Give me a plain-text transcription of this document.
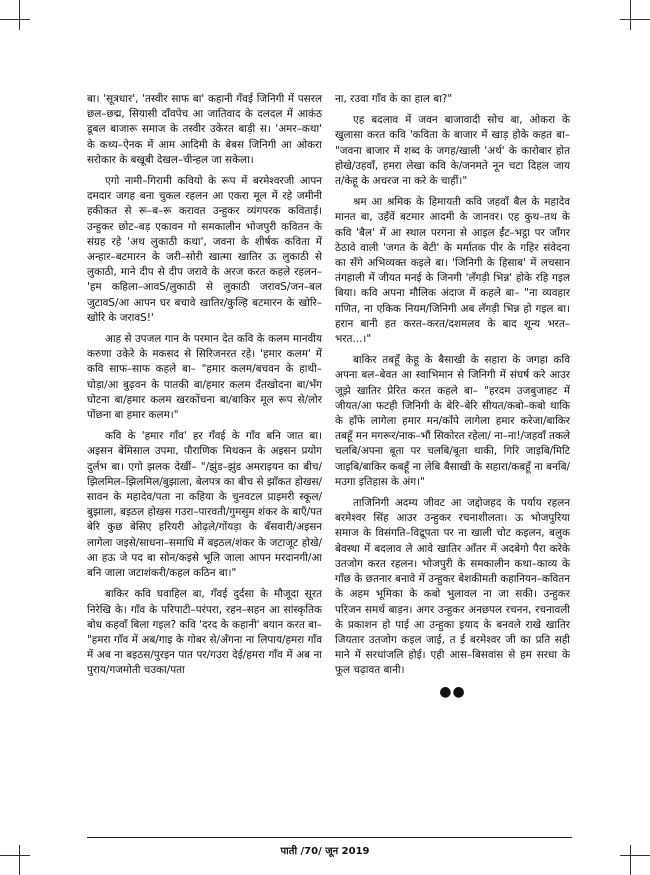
बा। 'सूत्रधार', 'तस्वीर साफ बा' कहानी गँवई जिनिगी में पसरल छल–छद्म, सियासी दाँवपेच आ जातिवाद के दलदल में आकंठ डूबल बाजारू समाज के तस्वीर उकेरत बाड़ी स। 'अमर–कथा' के कथ्य–ऐनक में आम आदिमी के बेबस जिनिगी आ ओकरा सरोकार के बखूबी देखल–चीन्हल जा सकेला।

एगो नामी–गिरामी कवियो के रूप में बरमेश्वरजी आपन दमदार जगह बना चुकल रहलन आ एकरा मूल में रहे जमीनी हकीकत से रू–ब–रू करावत उन्हुकर व्यंगपरक कविताई। उन्हुकर छोट–बड़ एकावन गो समकालीन भोजपुरी कवितन के संग्रह रहे 'अथ लुकाठी कथा', जवना के शीर्षक कविता में अन्हार–बटमारन के जरी–सोरी खात्मा खातिर ऊ लुकाठी से लुकाठी, माने दीप से दीप जरावे के अरज करत कहले रहलन– 'हम कहिला–आवS/लुकाठी से लुकाठी जरावS/जन–बल जुटावS/आ आपन घर बचावे खातिर/कुल्हि बटमारन के खोरि–खोरि के जरावS!'

आह से उपजल गान के परमान देत कवि के कलम मानवीय करुणा उकेरे के मकसद से सिरिजनरत रहे। 'हमार कलम' में कवि साफ–साफ कहले बा– "हमार कलम/बचवन के हाथी–घोड़ा/आ बुढ़वन के पातकी बा/हमार कलम दँतखोदना बा/भँग घोटना बा/हमार कलम खरकोंचना बा/बाकिर मूल रूप से/लोर पोंछना बा हमार कलम।"

कवि के 'हमार गाँव' हर गँवई के गाँव बनि जात बा। अइसन बेमिसाल उपमा, पौराणिक मिथकन के अइसन प्रयोग दुर्लभ बा। एगो झलक देखीं– "/झुंड–झुंड अमराइयन का बीच/झिलमिल–झिलमिल/बुझाला, बेलपत्र का बीच से झाँकत होखस/सावन के महादेव/पता ना कहिया के चुनवटल प्राइमरी स्कूल/बुझाला, बइठल होखस गउरा–पारवती/गुमसुम शंकर के बाएँ/पत बेरि कुछ बेसिए हरियरी ओढ़ले/गोंयड़ा के बँसवारी/अइसन लागेला जइसे/साधना–समाधि में बइठल/शंकर के जटाजूट होखे/आ हऊ जे पद बा सोन/कइसे भूलि जाला आपन मरदानगी/आ बनि जाला जटाशंकरी/कहल कठिन बा।"

बाकिर कवि घवाहिल बा, गँवई दुर्दसा के मौजूदा सूरत निरेखि के। गाँव के परिपाटी–परंपरा, रहन–सहन आ सांस्कृतिक बोध कहवाँ बिला गइल? कवि 'दरद के कहानी' बयान करत बा– "हमरा गाँव में अब/गाइ के गोबर से/अँगना ना लिपाय/हमरा गाँव में अब ना बइठस/पुरइन पात पर/गउरा देई/हमरा गाँव में अब ना पुराय/गजमोती चउका/पता

ना, रउवा गाँव के का हाल बा?"

एह बदलाव में जवन बाजावादी सोच बा, ओकरा के खुलासा करत कवि 'कविता के बाजार में खाड़ होके कहत बा– "जवना बाजार में शब्द के जगह/खाली 'अर्थ' के कारोबार होत होखे/उहवाँ, हमरा लेखा कवि के/जनमते नून चटा दिहल जाय त/केहू के अचरज ना करे के चाहीं।"

श्रम आ श्रमिक के हिमायती कवि जहवाँ बैल के महादेव मानत बा, उहँवें बटमार आदमी के जानवर। एह कुथ–तथ के कवि 'बैल' में आ स्थाल परगना से आइल ईंट–भट्ठा पर जाँगर ठेठावे वाली 'जगत के बेटी' के मर्मातक पीर के गहिर संवेदना का सँगे अभिव्यक्त कइले बा। 'जिनिगी के हिसाब' में लचसान तंगहाली में जीयत मनई के जिनगी 'लँगड़ी भिन्न' होके रहि गइल बिया। कवि अपना मौलिक अंदाज में कहले बा– "ना व्यवहार गणित, ना एकिक नियम/जिनिगी अब लँगड़ी भिन्न हो गइल बा। हरान बानी हत करत–करत/दशमलव के बाद शून्य भरत–भरत...।"

बाकिर तबहूँ केहू के बैसाखी के सहारा के जगहा कवि अपना बल–बेवत आ स्वाभिमान से जिनिगी में संघर्ष करे आउर जूझे खातिर प्रेरित करत कहले बा– "हरदम उजबुजाहट में जीयत/आ फटही जिनिगी के बेरि–बेरि सीयत/कबो–कबो थाकि के हाँफे लागेला हमार मन/काँपे लागेला हमार करेजा/बाकिर तबहूँ मन मगरूर/नाक–भौं सिकोरत रहेला/ ना–ना!/जहवाँ तकले चलबि/अपना बूता पर चलबि/बूता थाकी, गिरि जाइबि/मिटि जाइबि/बाकिर कबहूँ ना लेबि बैसाखी के सहारा/कबहूँ ना बनबि/मउगा इतिहास के अंग।"

ताजिनिगी अदम्य जीवट आ जद्दोजहद के पर्याय रहलन बरमेश्वर सिंह आउर उन्हुकर रचनाशीलता। ऊ भोजपुरिया समाज के विसंगति–विद्रूपता पर ना खाली चोट कइलन, बलुक बेवस्था में बदलाव ले आवे खातिर आँतर में अदबेगो पैरा करेके उतजोग करत रहलन। भोजपुरी के समकालीन कथा–काव्य के गाँछ के छतनार बनावे में उन्हुकर बेशकीमती कहानियन–कवितन के अहम भूमिका के कबो भुलावल ना जा सकी। उन्हुकर परिजन समर्थ बाड़न। अगर उन्हुकर अनछपल रचनन, रचनावली के प्रकाशन हो पाई आ उन्हुका इयाद के बनवले राखे खातिर जियतार उतजोग कइल जाई, त ई बरमेश्वर जी का प्रति सही माने में सरधांजलि होई। एही आस–बिसवांस से हम सरधा के फूल चढ़ावत बानी।

●●
पाती /70/ जून 2019
